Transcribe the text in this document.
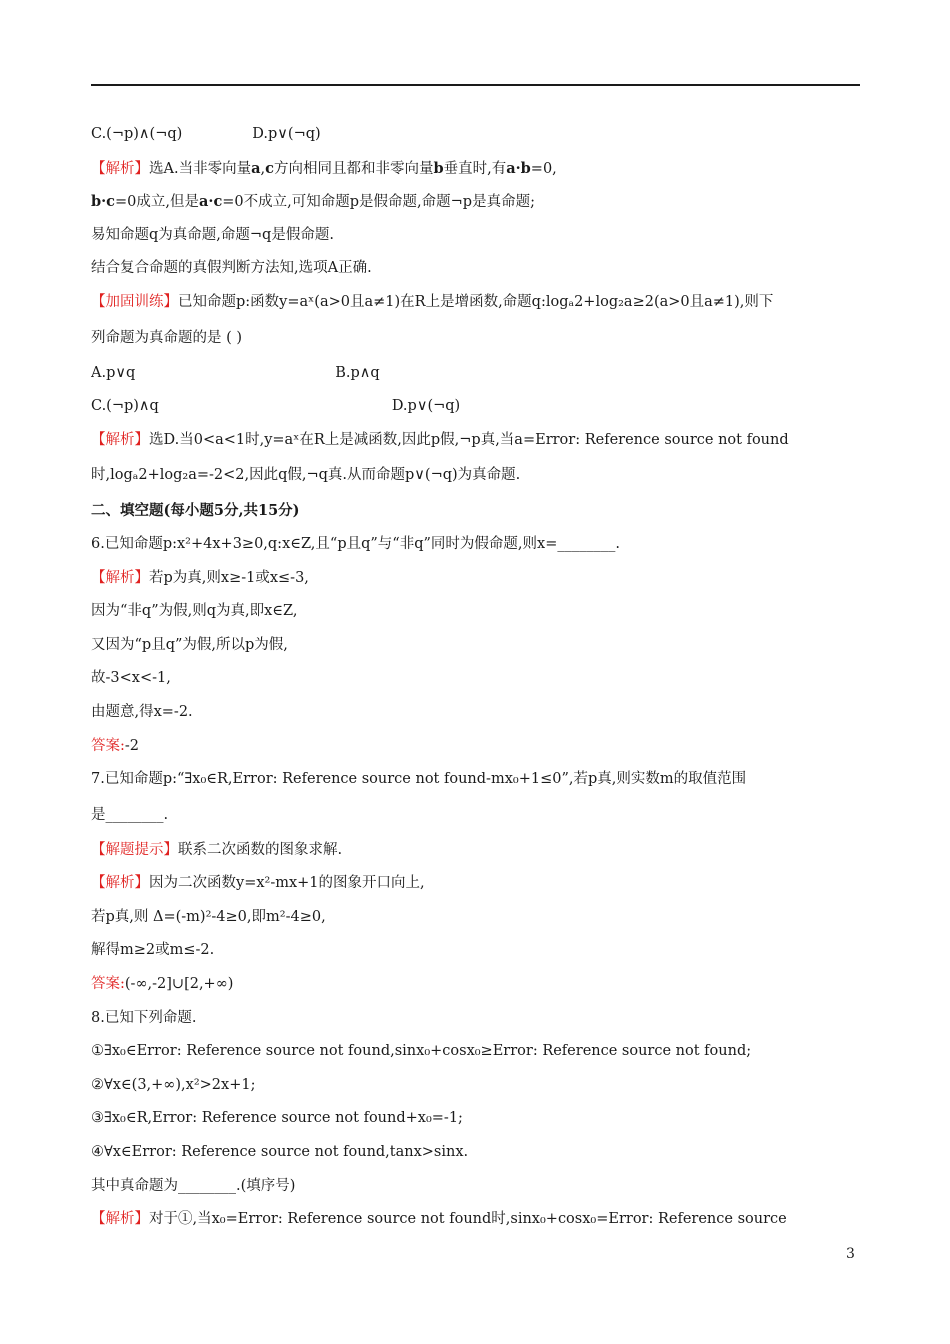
C.(¬p)∧(¬q)	D.p∨(¬q)
【解析】选A.当非零向量a,c方向相同且都和非零向量b垂直时,有a·b=0,
b·c=0成立,但是a·c=0不成立,可知命题p是假命题,命题¬p是真命题;
易知命题q为真命题,命题¬q是假命题.
结合复合命题的真假判断方法知,选项A正确.
【加固训练】已知命题p:函数y=aˣ(a>0且a≠1)在R上是增函数,命题q:logₐ2+log₂a≥2(a>0且a≠1),则下
列命题为真命题的是 ( )
A.p∨q	B.p∧q
C.(¬p)∧q	D.p∨(¬q)
【解析】选D.当0<a<1时,y=aˣ在R上是减函数,因此p假,¬p真,当a=Error: Reference source not found
时,logₐ2+log₂a=-2<2,因此q假,¬q真.从而命题p∨(¬q)为真命题.
二、填空题(每小题5分,共15分)
6.已知命题p:x²+4x+3≥0,q:x∈Z,且“p且q”与“非q”同时为假命题,则x=________.
【解析】若p为真,则x≥-1或x≤-3,
因为“非q”为假,则q为真,即x∈Z,
又因为“p且q”为假,所以p为假,
故-3<x<-1,
由题意,得x=-2.
答案:-2
7.已知命题p:“∃x₀∈R,Error: Reference source not found-mx₀+1≤0”,若p真,则实数m的取值范围
是________.
【解题提示】联系二次函数的图象求解.
【解析】因为二次函数y=x²-mx+1的图象开口向上,
若p真,则 Δ=(-m)²-4≥0,即m²-4≥0,
解得m≥2或m≤-2.
答案:(-∞,-2]∪[2,+∞)
8.已知下列命题.
①∃x₀∈Error: Reference source not found,sinx₀+cosx₀≥Error: Reference source not found;
②∀x∈(3,+∞),x²>2x+1;
③∃x₀∈R,Error: Reference source not found+x₀=-1;
④∀x∈Error: Reference source not found,tanx>sinx.
其中真命题为________.(填序号)
【解析】对于①,当x₀=Error: Reference source not found时,sinx₀+cosx₀=Error: Reference source
3
